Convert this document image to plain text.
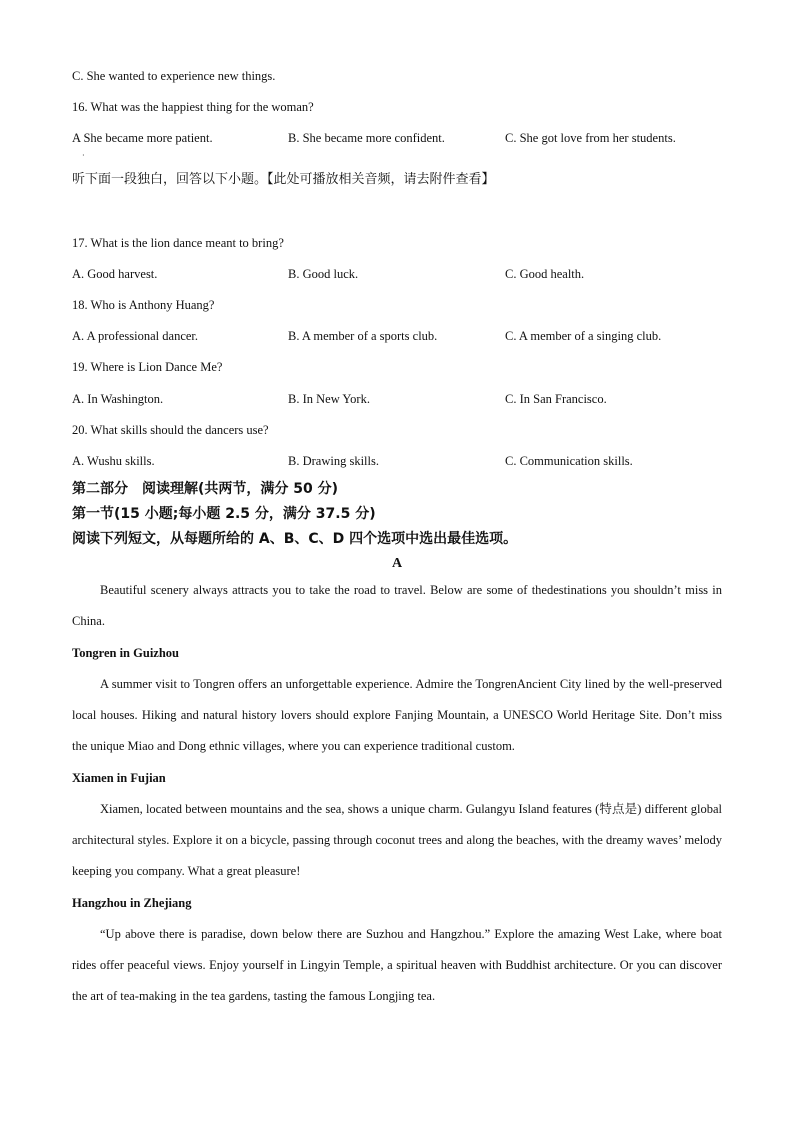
C. She wanted to experience new things.
16. What was the happiest thing for the woman?
A She became more patient.
·
B. She became more confident.	C. She got love from her students.
听下面一段独白，回答以下小题。【此处可播放相关音频，请去附件查看】
17. What is the lion dance meant to bring?
A. Good harvest.	B. Good luck.	C. Good health.
18. Who is Anthony Huang?
A. A professional dancer.	B. A member of a sports club.	C. A member of a singing club.
19. Where is Lion Dance Me?
A. In Washington.	B. In New York.	C. In San Francisco.
20. What skills should the dancers use?
A. Wushu skills.	B. Drawing skills.	C. Communication skills.
第二部分　阅读理解(共两节，满分 50 分)
第一节(15 小题;每小题 2.5 分，满分 37.5 分)
阅读下列短文，从每题所给的 A、B、C、D 四个选项中选出最佳选项。
A
Beautiful scenery always attracts you to take the road to travel. Below are some of thedestinations you shouldn’t miss in China.
Tongren in Guizhou
A summer visit to Tongren offers an unforgettable experience. Admire the TongrenAncient City lined by the well-preserved local houses. Hiking and natural history lovers should explore Fanjing Mountain, a UNESCO World Heritage Site. Don’t miss the unique Miao and Dong ethnic villages, where you can experience traditional custom.
Xiamen in Fujian
Xiamen, located between mountains and the sea, shows a unique charm. Gulangyu Island features (特点是) different global architectural styles. Explore it on a bicycle, passing through coconut trees and along the beaches, with the dreamy waves’ melody keeping you company. What a great pleasure!
Hangzhou in Zhejiang
“Up above there is paradise, down below there are Suzhou and Hangzhou.” Explore the amazing West Lake, where boat rides offer peaceful views. Enjoy yourself in Lingyin Temple, a spiritual heaven with Buddhist architecture. Or you can discover the art of tea-making in the tea gardens, tasting the famous Longjing tea.
